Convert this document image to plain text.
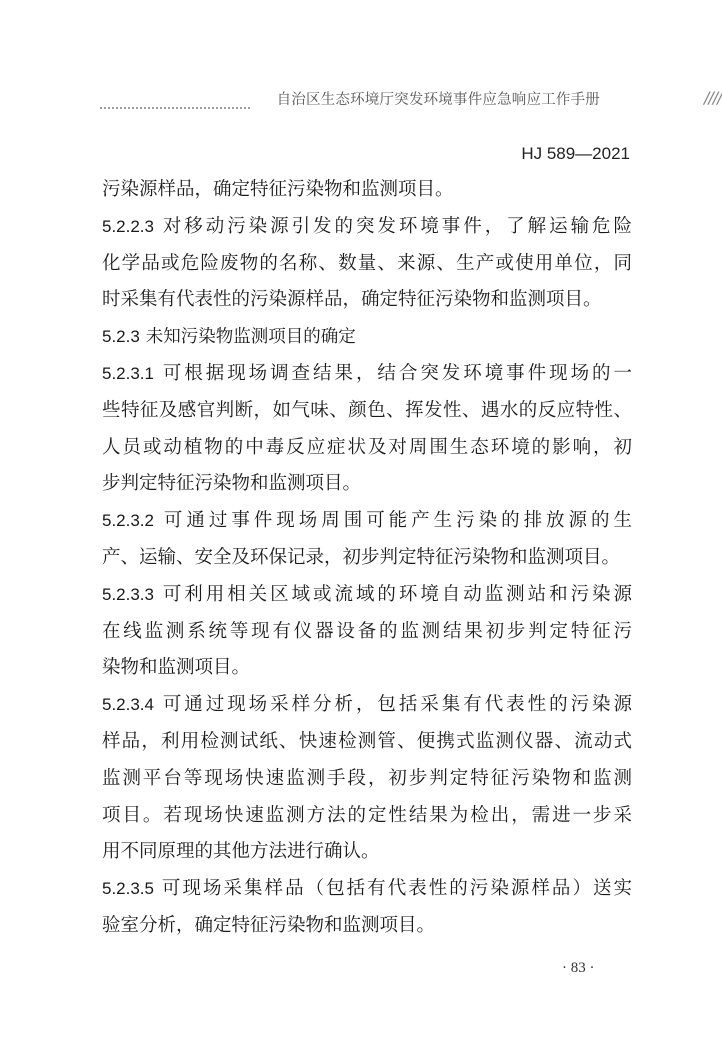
自治区生态环境厅突发环境事件应急响应工作手册	////
HJ 589—2021
污染源样品，确定特征污染物和监测项目。
5.2.2.3 对移动污染源引发的突发环境事件，了解运输危险
化学品或危险废物的名称、数量、来源、生产或使用单位，同
时采集有代表性的污染源样品，确定特征污染物和监测项目。
5.2.3 未知污染物监测项目的确定
5.2.3.1 可根据现场调查结果，结合突发环境事件现场的一
些特征及感官判断，如气味、颜色、挥发性、遇水的反应特性、
人员或动植物的中毒反应症状及对周围生态环境的影响，初
步判定特征污染物和监测项目。
5.2.3.2 可通过事件现场周围可能产生污染的排放源的生
产、运输、安全及环保记录，初步判定特征污染物和监测项目。
5.2.3.3 可利用相关区域或流域的环境自动监测站和污染源
在线监测系统等现有仪器设备的监测结果初步判定特征污
染物和监测项目。
5.2.3.4 可通过现场采样分析，包括采集有代表性的污染源
样品，利用检测试纸、快速检测管、便携式监测仪器、流动式
监测平台等现场快速监测手段，初步判定特征污染物和监测
项目。若现场快速监测方法的定性结果为检出，需进一步采
用不同原理的其他方法进行确认。
5.2.3.5 可现场采集样品（包括有代表性的污染源样品）送实
验室分析，确定特征污染物和监测项目。
· 83 ·
